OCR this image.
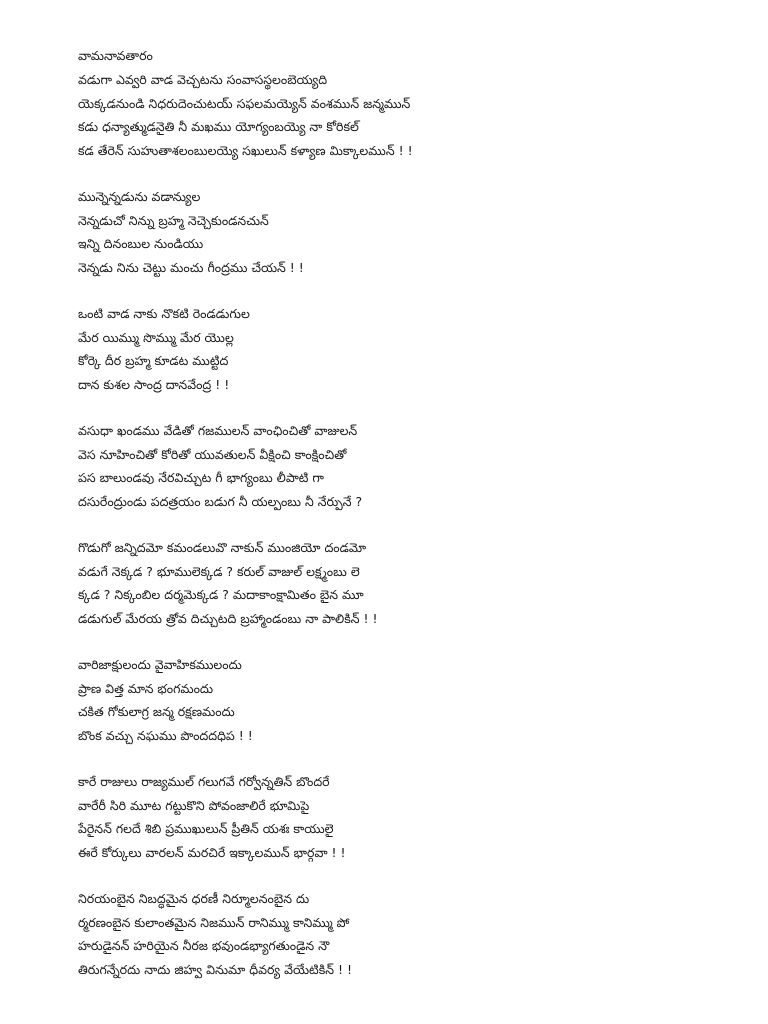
వామనావతారం

వడుగా ఎవ్వరి వాడ వెచ్చటను సంవాసస్థలంబెయ్యది

యెక్కడనుండి నిధరుదెంచుటయ్ సఫలమయ్యెన్ వంశమున్ జన్మమున్

కడు ధన్యాత్ముడనైతి నీ మఖము యోగ్యంబయ్యె నా కోరికల్

కడ తేరెన్ సుహుతాశలంబులయ్యె సఖులున్ కళ్యాణ మిక్కాలమున్ ! !

మున్నెన్నడును వడాన్యుల

నెన్నడుచో నిన్ను బ్రహ్మ నెచ్చెకుండనచున్

ఇన్ని దినంబుల నుండియు

నెన్నడు నిను చెట్టు మంచు గీంద్రము చేయన్ ! !

ఒంటి వాడ నాకు నొకటి రెండడుగుల

మేర యిమ్ము సొమ్ము మేర యొల్ల

కోర్కె దీర బ్రహ్మ కూడట ముట్టిద

దాన కుశల సాంద్ర దానవేంద్ర ! !

వసుధా ఖండము వేడితో గజములన్ వాంఛించితో వాజులన్

వెస నూహించితో కోరితో యువతులన్ వీక్షించి కాంక్షించితో

పస బాలుండవు నేరవిచ్చుట గీ భాగ్యంబు లీపాటి గా

దసురేంద్రుండు పదత్రయం బడుగ నీ యల్పంబు నీ నేర్పునే ?

గొడుగో జన్నిదమో కమండలువొ నాకున్ ముంజియో దండమో

వడుగే నెక్కడ ? భూములెక్కడ ? కరుల్ వాజుల్ లక్ష్మంబు లె

క్కడ ? నిక్కంబిల దర్మమెక్కడ ? మదాకాంక్షామితం బైన మూ

డడుగుల్ మేరయ త్రోవ దిచ్చుటది బ్రహ్మాండంబు నా పాలికిన్ ! !

వారిజాక్షులందు వైవాహికములందు

ప్రాణ విత్త మాన భంగమందు

చకిత గోకులాగ్ర జన్మ రక్షణమందు

బొంక వచ్చు నఘము పొందదధిప ! !

కారే రాజులు రాజ్యముల్ గలుగవే గర్వోన్నతిన్ బొందరే

వారేరీ సిరి మూట గట్టుకొని పోవంజాలిరే భూమిపై

పేరైనన్ గలదే శిబి ప్రముఖులున్ ప్రీతిన్ యశః కాయులై

ఈరే కోర్కులు వారలన్ మరచిరే ఇక్కాలమున్ భార్గవా ! !

నిరయంబైన నిబద్ధమైన ధరణీ నిర్మూలనంబైన దు

ర్మరణంబైన కులాంతమైన నిజమున్ రానిమ్ము కానిమ్ము పో

హరుడైనన్ హరియైన నీరజ భవుండభ్యాగతుండైన నౌ

తిరుగన్నేరదు నాదు జిహ్వ వినుమా ధీవర్య వేయేటికిన్ ! !
